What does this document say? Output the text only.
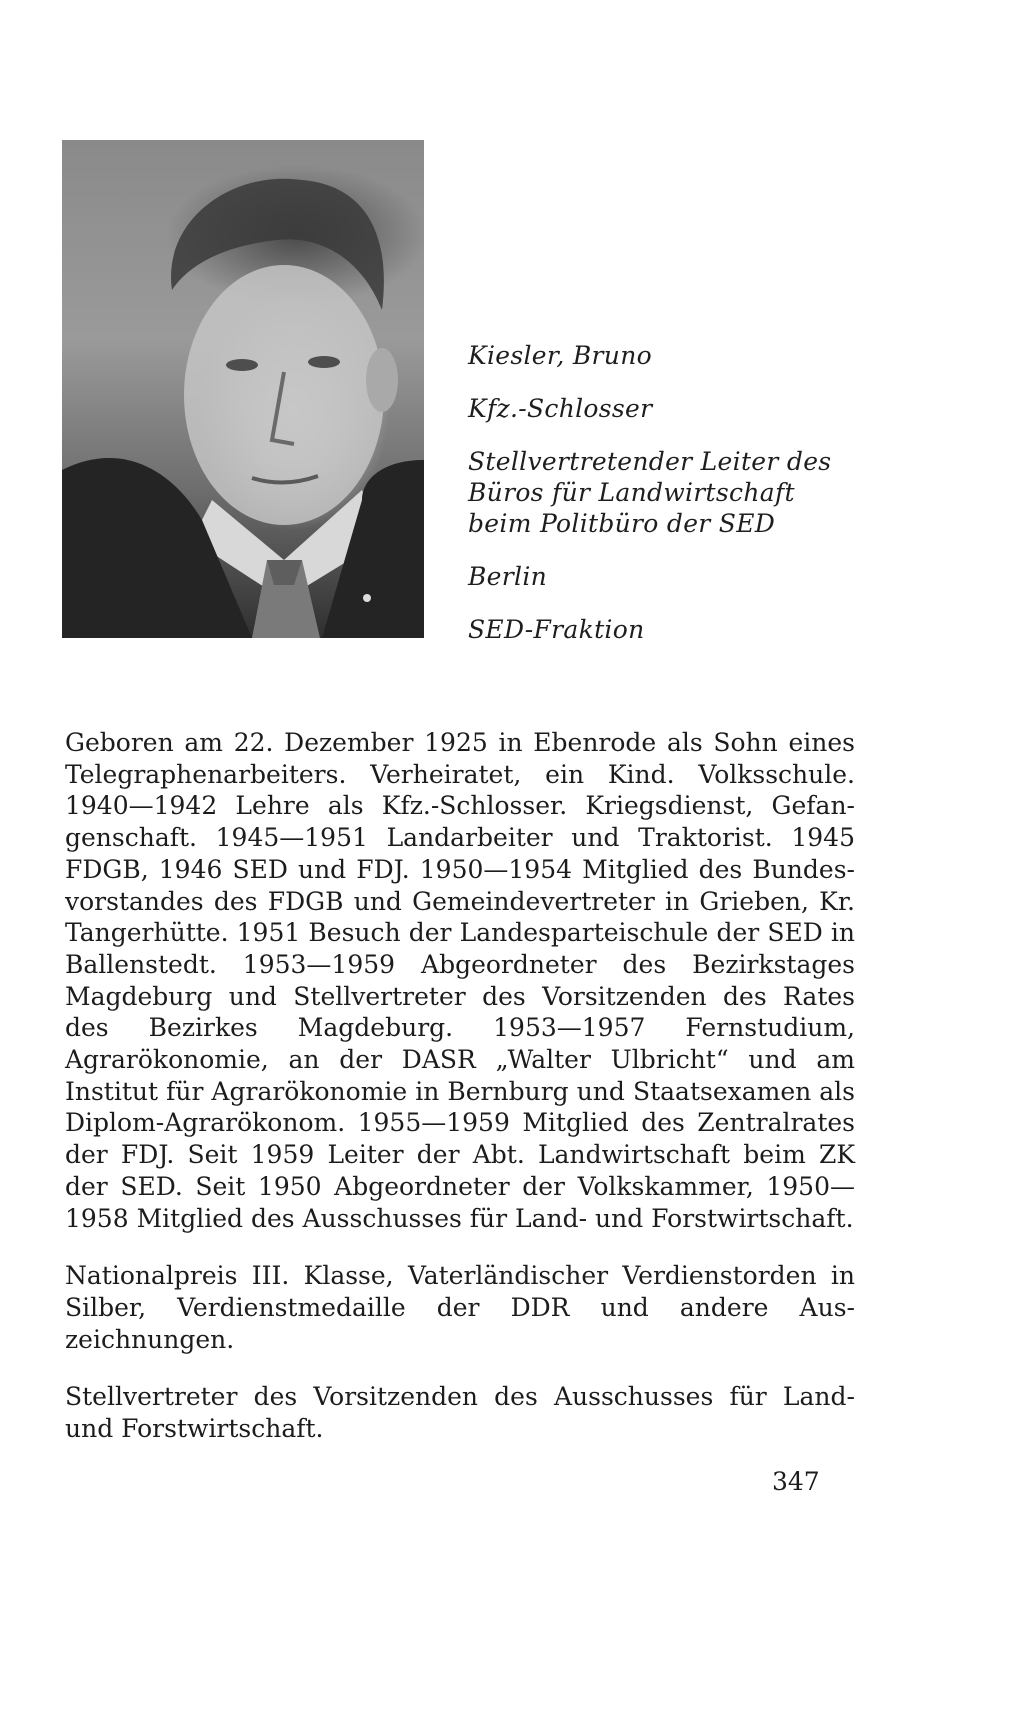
Kiesler, Bruno

Kfz.-Schlosser

Stellvertretender Leiter des
Büros für Landwirtschaft
beim Politbüro der SED

Berlin

SED-Fraktion

Geboren am 22. Dezember 1925 in Ebenrode als Sohn eines Telegraphenarbeiters. Verheiratet, ein Kind. Volksschule. 1940—1942 Lehre als Kfz.-Schlosser. Kriegsdienst, Gefangenschaft. 1945—1951 Landarbeiter und Traktorist. 1945 FDGB, 1946 SED und FDJ. 1950—1954 Mitglied des Bundesvorstandes des FDGB und Gemeindevertreter in Grieben, Kr. Tangerhütte. 1951 Besuch der Landesparteischule der SED in Ballenstedt. 1953—1959 Abgeordneter des Bezirkstages Magdeburg und Stellvertreter des Vorsitzenden des Rates des Bezirkes Magdeburg. 1953—1957 Fernstudium, Agrarökonomie, an der DASR „Walter Ulbricht“ und am Institut für Agrarökonomie in Bernburg und Staatsexamen als Diplom-Agrarökonom. 1955—1959 Mitglied des Zentralrates der FDJ. Seit 1959 Leiter der Abt. Landwirtschaft beim ZK der SED. Seit 1950 Abgeordneter der Volkskammer, 1950—1958 Mitglied des Ausschusses für Land- und Forstwirtschaft.

Nationalpreis III. Klasse, Vaterländischer Verdienstorden in Silber, Verdienstmedaille der DDR und andere Auszeichnungen.

Stellvertreter des Vorsitzenden des Ausschusses für Land- und Forstwirtschaft.

347
